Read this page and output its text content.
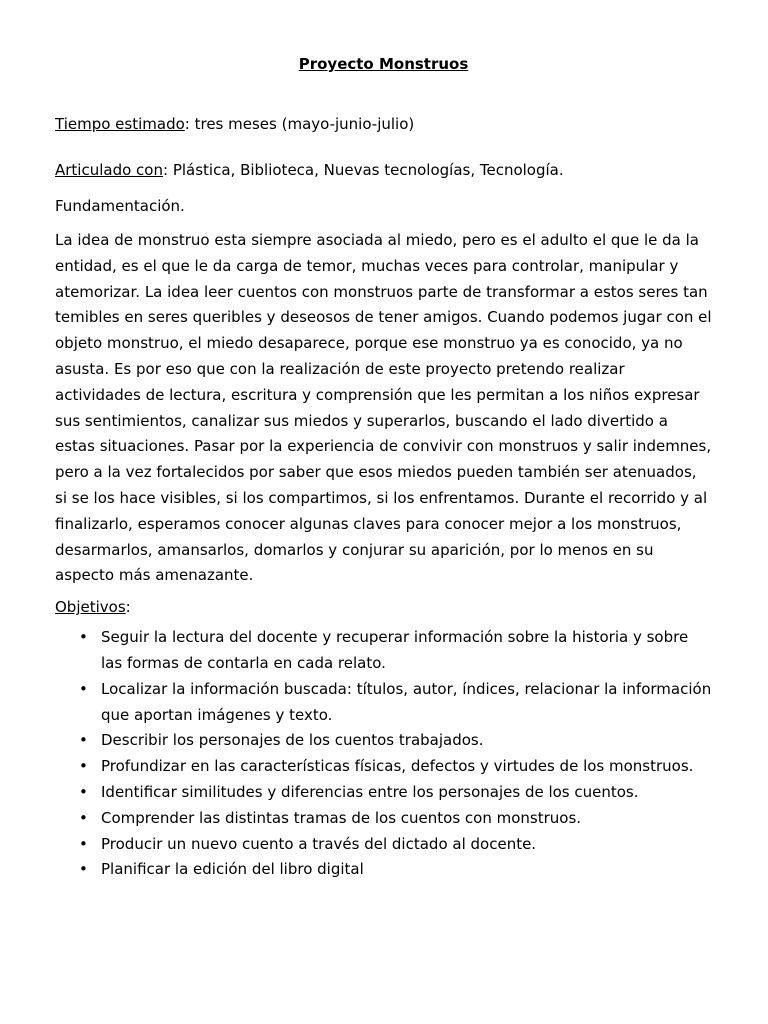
Proyecto Monstruos

Tiempo estimado: tres meses (mayo-junio-julio)

Articulado con: Plástica, Biblioteca, Nuevas tecnologías, Tecnología.

Fundamentación.

La idea de monstruo esta siempre asociada al miedo, pero es el adulto el que le da la entidad, es el que le da carga de temor, muchas veces para controlar, manipular y atemorizar. La idea leer cuentos con monstruos parte de transformar a estos seres tan temibles en seres queribles y deseosos de tener amigos. Cuando podemos jugar con el objeto monstruo, el miedo desaparece, porque ese monstruo ya es conocido, ya no asusta. Es por eso que con la realización de este proyecto pretendo realizar actividades de lectura, escritura y comprensión que les permitan a los niños expresar sus sentimientos, canalizar sus miedos y superarlos, buscando el lado divertido a estas situaciones. Pasar por la experiencia de convivir con monstruos y salir indemnes, pero a la vez fortalecidos por saber que esos miedos pueden también ser atenuados, si se los hace visibles, si los compartimos, si los enfrentamos. Durante el recorrido y al finalizarlo, esperamos conocer algunas claves para conocer mejor a los monstruos, desarmarlos, amansarlos, domarlos y conjurar su aparición, por lo menos en su aspecto más amenazante.

Objetivos:

• Seguir la lectura del docente y recuperar información sobre la historia y sobre las formas de contarla en cada relato.
• Localizar la información buscada: títulos, autor, índices, relacionar la información que aportan imágenes y texto.
• Describir los personajes de los cuentos trabajados.
• Profundizar en las características físicas, defectos y virtudes de los monstruos.
• Identificar similitudes y diferencias entre los personajes de los cuentos.
• Comprender las distintas tramas de los cuentos con monstruos.
• Producir un nuevo cuento a través del dictado al docente.
• Planificar la edición del libro digital
